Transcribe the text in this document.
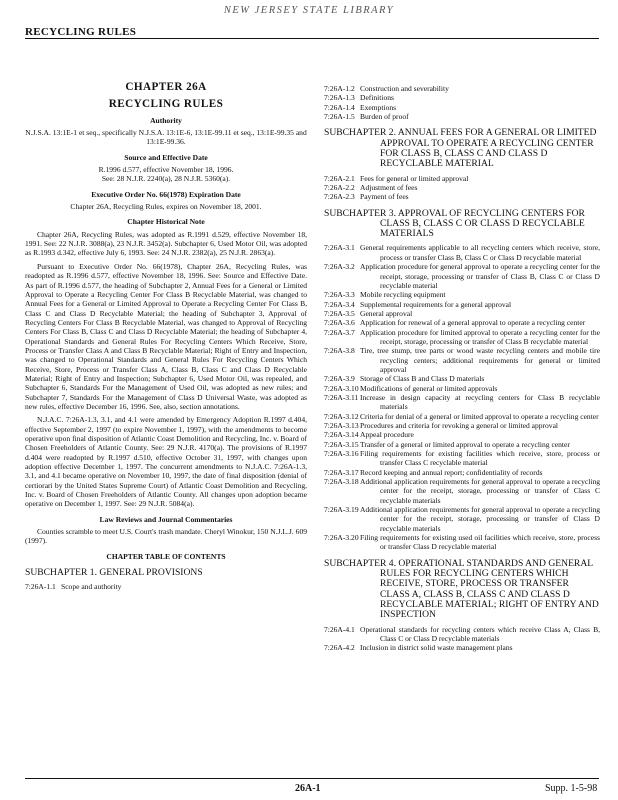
NEW JERSEY STATE LIBRARY
RECYCLING RULES
CHAPTER 26A
RECYCLING RULES
Authority

N.J.S.A. 13:1E-1 et seq., specifically N.J.S.A. 13:1E-6, 13:1E-99.11 et seq., 13:1E-99.35 and 13:1E-99.36.

Source and Effective Date

R.1996 d.577, effective November 18, 1996.

See: 28 N.J.R. 2240(a), 28 N.J.R. 5360(a).

Executive Order No. 66(1978) Expiration Date

Chapter 26A, Recycling Rules, expires on November 18, 2001.

Chapter Historical Note

Chapter 26A, Recycling Rules, was adopted as R.1991 d.529, effective November 18, 1991. See: 22 N.J.R. 3088(a), 23 N.J.R. 3452(a). Subchapter 6, Used Motor Oil, was adopted as R.1993 d.342, effective July 6, 1993. See: 24 N.J.R. 2382(a), 25 N.J.R. 2863(a).

Pursuant to Executive Order No. 66(1978), Chapter 26A, Recycling Rules, was readopted as R.1996 d.577, effective November 18, 1996. See: Source and Effective Date. As part of R.1996 d.577, the heading of Subchapter 2, Annual Fees for a General or Limited Approval to Operate a Recycling Center For Class B Recyclable Material, was changed to Annual Fees for a General or Limited Approval to Operate a Recycling Center For Class B, Class C and Class D Recyclable Material; the heading of Subchapter 3, Approval of Recycling Centers For Class B Recyclable Material, was changed to Approval of Recycling Centers For Class B, Class C and Class D Recyclable Material; the heading of Subchapter 4, Operational Standards and General Rules For Recycling Centers Which Receive, Store, Process or Transfer Class A and Class B Recyclable Material; Right of Entry and Inspection, was changed to Operational Standards and General Rules For Recycling Centers Which Receive, Store, Process or Transfer Class A, Class B, Class C and Class D Recyclable Material; Right of Entry and Inspection; Subchapter 6, Used Motor Oil, was repealed, and Subchapter 6, Standards For the Management of Used Oil, was adopted as new rules; and Subchapter 7, Standards For the Management of Class D Universal Waste, was adopted as new rules, effective December 16, 1996. See, also, section annotations.

N.J.A.C. 7:26A-1.3, 3.1, and 4.1 were amended by Emergency Adoption R.1997 d.404, effective September 2, 1997 (to expire November 1, 1997), with the amendments to become operative upon final disposition of Atlantic Coast Demolition and Recycling, Inc. v. Board of Chosen Freeholders of Atlantic County. See: 29 N.J.R. 4170(a). The provisions of R.1997 d.404 were readopted by R.1997 d.510, effective October 31, 1997, with changes upon adoption effective December 1, 1997. The concurrent amendments to N.J.A.C. 7:26A-1.3, 3.1, and 4.1 became operative on November 10, 1997, the date of final disposition (denial of certiorari by the United States Supreme Court) of Atlantic Coast Demolition and Recycling, Inc. v. Board of Chosen Freeholders of Atlantic County. All changes upon adoption became operative on December 1, 1997. See: 29 N.J.R. 5084(a).

Law Reviews and Journal Commentaries

Counties scramble to meet U.S. Court's trash mandate. Cheryl Winokur, 150 N.J.L.J. 609 (1997).

CHAPTER TABLE OF CONTENTS
SUBCHAPTER 1. GENERAL PROVISIONS
7:26A-1.1 Scope and authority
7:26A-1.2 Construction and severability
7:26A-1.3 Definitions
7:26A-1.4 Exemptions
7:26A-1.5 Burden of proof
SUBCHAPTER 2. ANNUAL FEES FOR A GENERAL OR LIMITED APPROVAL TO OPERATE A RECYCLING CENTER FOR CLASS B, CLASS C AND CLASS D RECYCLABLE MATERIAL
7:26A-2.1 Fees for general or limited approval
7:26A-2.2 Adjustment of fees
7:26A-2.3 Payment of fees
SUBCHAPTER 3. APPROVAL OF RECYCLING CENTERS FOR CLASS B, CLASS C OR CLASS D RECYCLABLE MATERIALS
7:26A-3.1 General requirements applicable to all recycling centers which receive, store, process or transfer Class B, Class C or Class D recyclable material
7:26A-3.2 Application procedure for general approval to operate a recycling center for the receipt, storage, processing or transfer of Class B, Class C or Class D recyclable material
7:26A-3.3 Mobile recycling equipment
7:26A-3.4 Supplemental requirements for a general approval
7:26A-3.5 General approval
7:26A-3.6 Application for renewal of a general approval to operate a recycling center
7:26A-3.7 Application procedure for limited approval to operate a recycling center for the receipt, storage, processing or transfer of Class B recyclable material
7:26A-3.8 Tire, tree stump, tree parts or wood waste recycling centers and mobile tire recycling centers; additional requirements for general or limited approval
7:26A-3.9 Storage of Class B and Class D materials
7:26A-3.10 Modifications of general or limited approvals
7:26A-3.11 Increase in design capacity at recycling centers for Class B recyclable materials
7:26A-3.12 Criteria for denial of a general or limited approval to operate a recycling center
7:26A-3.13 Procedures and criteria for revoking a general or limited approval
7:26A-3.14 Appeal procedure
7:26A-3.15 Transfer of a general or limited approval to operate a recycling center
7:26A-3.16 Filing requirements for existing facilities which receive, store, process or transfer Class C recyclable material
7:26A-3.17 Record keeping and annual report; confidentiality of records
7:26A-3.18 Additional application requirements for general approval to operate a recycling center for the receipt, storage, processing or transfer of Class C recyclable materials
7:26A-3.19 Additional application requirements for general approval to operate a recycling center for the receipt, storage, processing or transfer of Class D recyclable materials
7:26A-3.20 Filing requirements for existing used oil facilities which receive, store, process or transfer Class D recyclable material
SUBCHAPTER 4. OPERATIONAL STANDARDS AND GENERAL RULES FOR RECYCLING CENTERS WHICH RECEIVE, STORE, PROCESS OR TRANSFER CLASS A, CLASS B, CLASS C AND CLASS D RECYCLABLE MATERIAL; RIGHT OF ENTRY AND INSPECTION
7:26A-4.1 Operational standards for recycling centers which receive Class A, Class B, Class C or Class D recyclable materials
7:26A-4.2 Inclusion in district solid waste management plans
26A-1	Supp. 1-5-98
